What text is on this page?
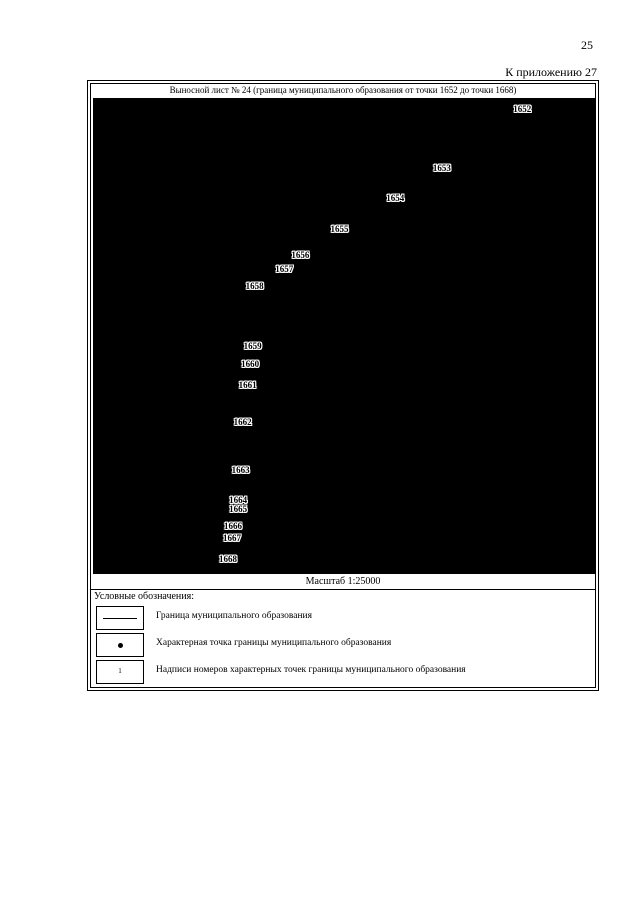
25
К приложению 27
Выносной лист № 24 (граница муниципального образования от точки 1652 до точки 1668)
1652
1653
1654
1655
1656
1657
1658
1659
1660
1661
1662
1663
1664
1665
1666
1667
1668
Масштаб 1:25000
Условные обозначения:
Граница муниципального образования
Характерная точка границы муниципального образования
1	Надписи номеров характерных точек границы муниципального образования
